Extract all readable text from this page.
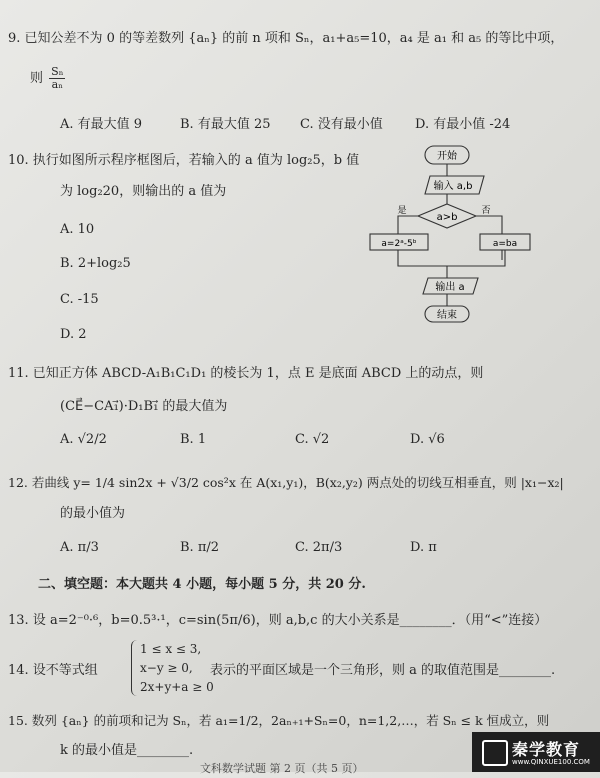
9. 已知公差不为 0 的等差数列 {aₙ} 的前 n 项和 Sₙ，a₁+a₅=10，a₄ 是 a₁ 和 a₅ 的等比中项，
则 $\frac{\text{Sₙ}}{\text{aₙ}}$
A. 有最大值 9	B. 有最大值 25 C. 没有最小值 D. 有最小值 -24
10. 执行如图所示程序框图后，若输入的 a 值为 log₂5，b 值
为 log₂20，则输出的 a 值为
A. 10
B. 2+log₂5
C. -15
D. 2
开始
输入 a,b
a>b
是	否
a=2ᵃ-5ᵇ	a=ba
输出 a
结束
11. 已知正方体 ABCD-A₁B₁C₁D₁ 的棱长为 1，点 E 是底面 ABCD 上的动点，则
(CE⃗−CA₁⃗)·D₁B₁⃗ 的最大值为
A. √2/2	B. 1	C. √2	D. √6
12. 若曲线 y= 1/4 sin2x + √3/2 cos²x 在 A(x₁,y₁)，B(x₂,y₂) 两点处的切线互相垂直，则 |x₁−x₂|
的最小值为
A. π/3	B. π/2	C. 2π/3	D. π
二、填空题：本大题共 4 小题，每小题 5 分，共 20 分.
13. 设 a=2⁻⁰·⁶，b=0.5³·¹，c=sin(5π/6)，则 a,b,c 的大小关系是________．（用“<”连接）
14. 设不等式组
1 ≤ x ≤ 3,
x−y ≥ 0,
2x+y+a ≥ 0
表示的平面区域是一个三角形，则 a 的取值范围是________.
15. 数列 {aₙ} 的前项和记为 Sₙ，若 a₁=1/2，2aₙ₊₁+Sₙ=0，n=1,2,…，若 Sₙ ≤ k 恒成立，则
k 的最小值是________.
文科数学试题 第 2 页（共 5 页）
秦学教育
www.QINXUE100.COM
